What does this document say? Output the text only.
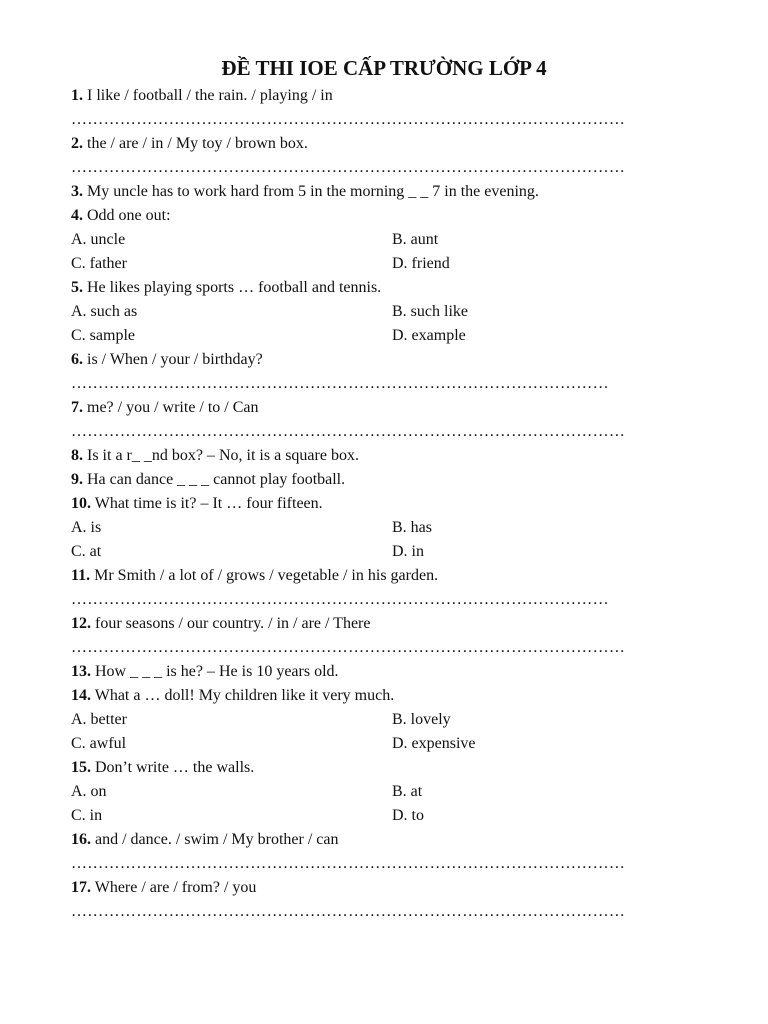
ĐỀ THI IOE CẤP TRƯỜNG LỚP 4
1. I like / football / the rain. / playing / in
…………………………………………………………………………………………
2. the / are / in / My toy / brown box.
…………………………………………………………………………………………
3. My uncle has to work hard from 5 in the morning _ _ 7 in the evening.
4. Odd one out:
A. uncle	B. aunt
C. father	D. friend
5. He likes playing sports … football and tennis.
A. such as	B. such like
C. sample	D. example
6. is / When / your / birthday?
………………………………………………………………………………………
7. me? / you / write / to / Can
…………………………………………………………………………………………
8. Is it a r_ _nd box? – No, it is a square box.
9. Ha can dance _ _ _ cannot play football.
10. What time is it? – It … four fifteen.
A. is	B. has
C. at	D. in
11. Mr Smith / a lot of / grows / vegetable / in his garden.
………………………………………………………………………………………
12. four seasons / our country. / in / are / There
…………………………………………………………………………………………
13. How _ _ _ is he? – He is 10 years old.
14. What a … doll! My children like it very much.
A. better	B. lovely
C. awful	D. expensive
15. Don’t write … the walls.
A. on	B. at
C. in	D. to
16. and / dance. / swim / My brother / can
…………………………………………………………………………………………
17. Where / are / from? / you
…………………………………………………………………………………………
